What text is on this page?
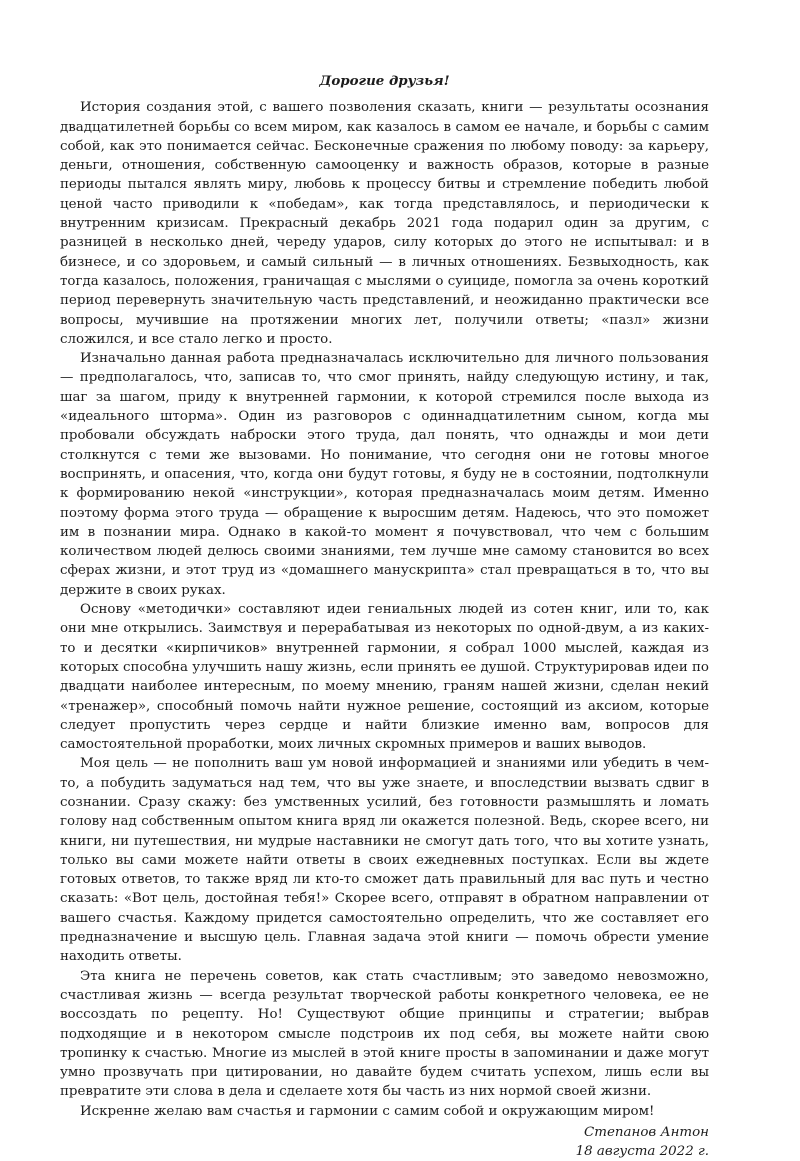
Дорогие друзья!

История создания этой, с вашего позволения сказать, книги — результаты осознания двадцатилетней борьбы со всем миром, как казалось в самом ее начале, и борьбы с самим собой, как это понимается сейчас. Бесконечные сражения по любому поводу: за карьеру, деньги, отношения, собственную самооценку и важность образов, которые в разные периоды пытался являть миру, любовь к процессу битвы и стремление победить любой ценой часто приводили к «победам», как тогда представлялось, и периодически к внутренним кризисам. Прекрасный декабрь 2021 года подарил один за другим, с разницей в несколько дней, череду ударов, силу которых до этого не испытывал: и в бизнесе, и со здоровьем, и самый сильный — в личных отношениях. Безвыходность, как тогда казалось, положения, граничащая с мыслями о суициде, помогла за очень короткий период перевернуть значительную часть представлений, и неожиданно практически все вопросы, мучившие на протяжении многих лет, получили ответы; «пазл» жизни сложился, и все стало легко и просто.

Изначально данная работа предназначалась исключительно для личного пользования — предполагалось, что, записав то, что смог принять, найду следующую истину, и так, шаг за шагом, приду к внутренней гармонии, к которой стремился после выхода из «идеального шторма». Один из разговоров с одиннадцатилетним сыном, когда мы пробовали обсуждать наброски этого труда, дал понять, что однажды и мои дети столкнутся с теми же вызовами. Но понимание, что сегодня они не готовы многое воспринять, и опасения, что, когда они будут готовы, я буду не в состоянии, подтолкнули к формированию некой «инструкции», которая предназначалась моим детям. Именно поэтому форма этого труда — обращение к выросшим детям. Надеюсь, что это поможет им в познании мира. Однако в какой-то момент я почувствовал, что чем с большим количеством людей делюсь своими знаниями, тем лучше мне самому становится во всех сферах жизни, и этот труд из «домашнего манускрипта» стал превращаться в то, что вы держите в своих руках.

Основу «методички» составляют идеи гениальных людей из сотен книг, или то, как они мне открылись. Заимствуя и перерабатывая из некоторых по одной-двум, а из каких-то и десятки «кирпичиков» внутренней гармонии, я собрал 1000 мыслей, каждая из которых способна улучшить нашу жизнь, если принять ее душой. Структурировав идеи по двадцати наиболее интересным, по моему мнению, граням нашей жизни, сделан некий «тренажер», способный помочь найти нужное решение, состоящий из аксиом, которые следует пропустить через сердце и найти близкие именно вам, вопросов для самостоятельной проработки, моих личных скромных примеров и ваших выводов.

Моя цель — не пополнить ваш ум новой информацией и знаниями или убедить в чем-то, а побудить задуматься над тем, что вы уже знаете, и впоследствии вызвать сдвиг в сознании. Сразу скажу: без умственных усилий, без готовности размышлять и ломать голову над собственным опытом книга вряд ли окажется полезной. Ведь, скорее всего, ни книги, ни путешествия, ни мудрые наставники не смогут дать того, что вы хотите узнать, только вы сами можете найти ответы в своих ежедневных поступках. Если вы ждете готовых ответов, то также вряд ли кто-то сможет дать правильный для вас путь и честно сказать: «Вот цель, достойная тебя!» Скорее всего, отправят в обратном направлении от вашего счастья. Каждому придется самостоятельно определить, что же составляет его предназначение и высшую цель. Главная задача этой книги — помочь обрести умение находить ответы.

Эта книга не перечень советов, как стать счастливым; это заведомо невозможно, счастливая жизнь — всегда результат творческой работы конкретного человека, ее не воссоздать по рецепту. Но! Существуют общие принципы и стратегии; выбрав подходящие и в некотором смысле подстроив их под себя, вы можете найти свою тропинку к счастью. Многие из мыслей в этой книге просты в запоминании и даже могут умно прозвучать при цитировании, но давайте будем считать успехом, лишь если вы превратите эти слова в дела и сделаете хотя бы часть из них нормой своей жизни.

Искренне желаю вам счастья и гармонии с самим собой и окружающим миром!

Степанов Антон
18 августа 2022 г.
